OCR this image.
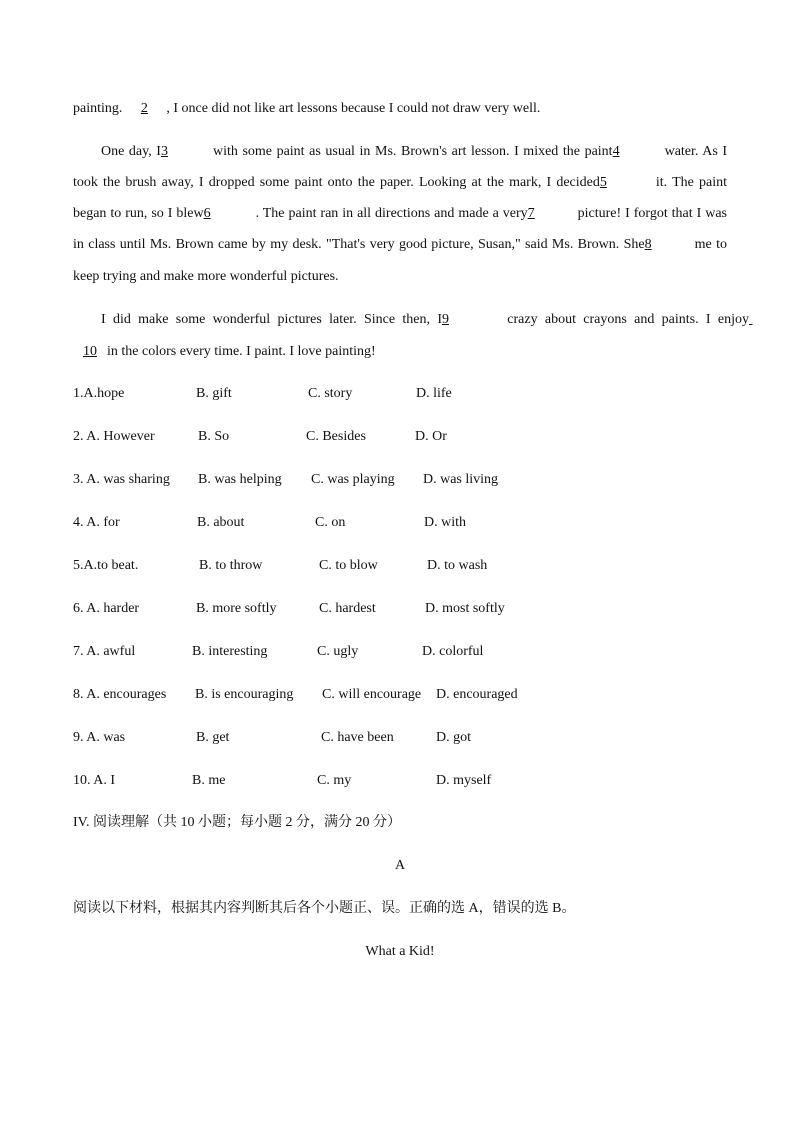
painting. 2 , I once did not like art lessons because I could not draw very well.
One day, I3	with some paint as usual in Ms. Brown's art lesson. I mixed the paint4	water. As I
took the brush away, I dropped some paint onto the paper. Looking at the mark, I decided5	it. The paint
began to run, so I blew6	. The paint ran in all directions and made a very7	picture! I forgot that I was
in class until Ms. Brown came by my desk. "That's very good picture, Susan," said Ms. Brown. She8	me to
keep trying and make more wonderful pictures.
I did make some wonderful pictures later. Since then, I9	crazy about crayons and paints. I enjoy
10 in the colors every time. I paint. I love painting!
1.A.hope	B. gift	C. story	D. life
2. A. However	B. So	C. Besides	D. Or
3. A. was sharing B. was helping C. was playing D. was living
4. A. for	B. about	C. on	D. with
5.A.to beat.	B. to throw	C. to blow	D. to wash
6. A. harder	B. more softly	C. hardest	D. most softly
7. A. awful	B. interesting	C. ugly	D. colorful
8. A. encourages B. is encouraging C. will encourage D. encouraged
9. A. was	B. get	C. have been	D. got
10. A. I	B. me	C. my	D. myself
IV. 阅读理解（共 10 小题；每小题 2 分，满分 20 分）
A
阅读以下材料，根据其内容判断其后各个小题正、误。正确的选 A，错误的选 B。
What a Kid!
